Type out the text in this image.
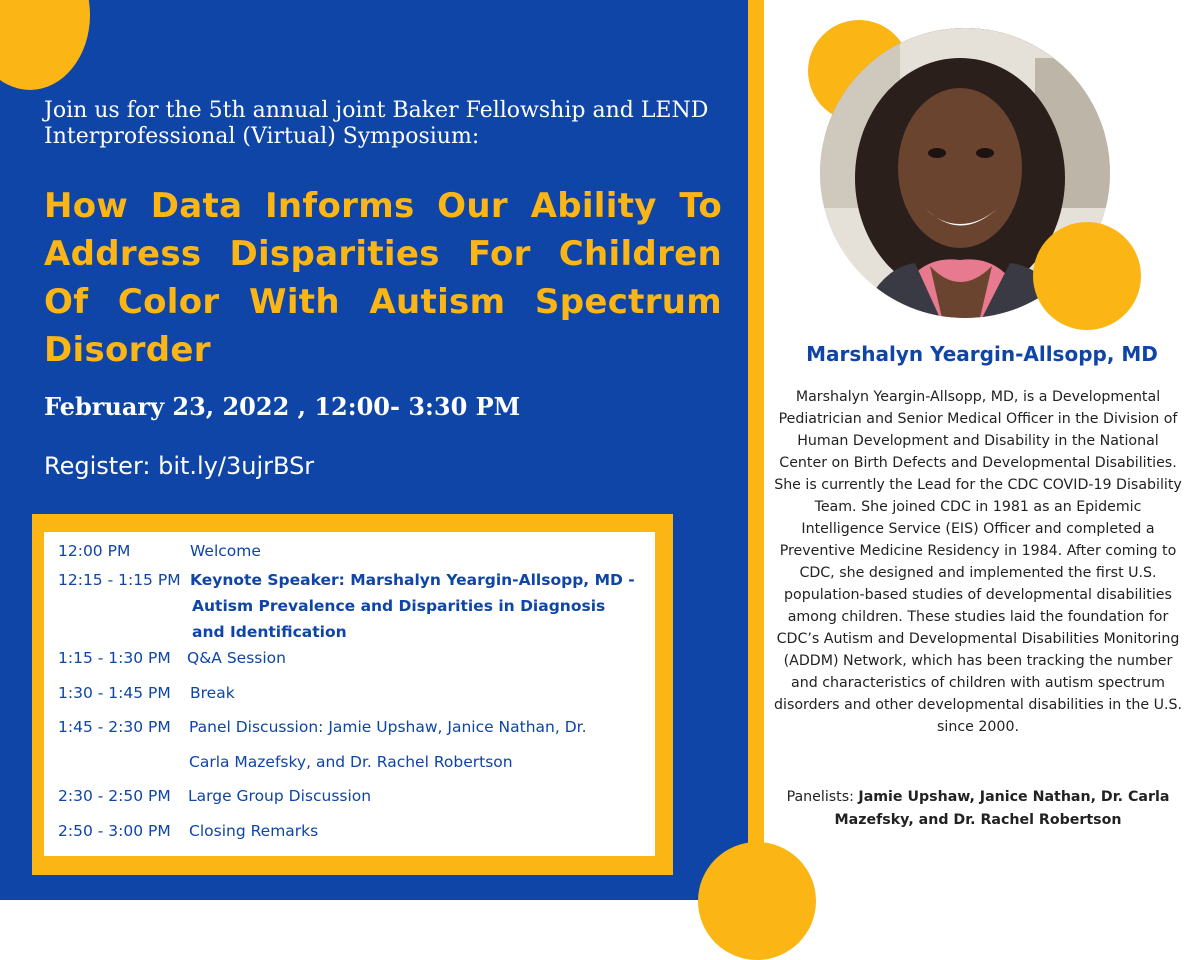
Join us for the 5th annual joint Baker Fellowship and LEND Interprofessional (Virtual) Symposium:
How Data Informs Our Ability To Address Disparities For Children Of Color With Autism Spectrum Disorder
February 23, 2022 , 12:00- 3:30 PM
Register: bit.ly/3ujrBSr
12:00 PM	Welcome
12:15 - 1:15 PM Keynote Speaker: Marshalyn Yeargin-Allsopp, MD -
Autism Prevalence and Disparities in Diagnosis
and Identification
1:15 - 1:30 PM Q&A Session
1:30 - 1:45 PM Break
1:45 - 2:30 PM Panel Discussion: Jamie Upshaw, Janice Nathan, Dr.
Carla Mazefsky, and Dr. Rachel Robertson
2:30 - 2:50 PM Large Group Discussion
2:50 - 3:00 PM Closing Remarks
Marshalyn Yeargin-Allsopp, MD
Marshalyn Yeargin-Allsopp, MD, is a Developmental Pediatrician and Senior Medical Officer in the Division of Human Development and Disability in the National Center on Birth Defects and Developmental Disabilities. She is currently the Lead for the CDC COVID-19 Disability Team. She joined CDC in 1981 as an Epidemic Intelligence Service (EIS) Officer and completed a Preventive Medicine Residency in 1984. After coming to CDC, she designed and implemented the first U.S. population-based studies of developmental disabilities among children. These studies laid the foundation for CDC’s Autism and Developmental Disabilities Monitoring (ADDM) Network, which has been tracking the number and characteristics of children with autism spectrum disorders and other developmental disabilities in the U.S. since 2000.
Panelists: Jamie Upshaw, Janice Nathan, Dr. Carla Mazefsky, and Dr. Rachel Robertson
